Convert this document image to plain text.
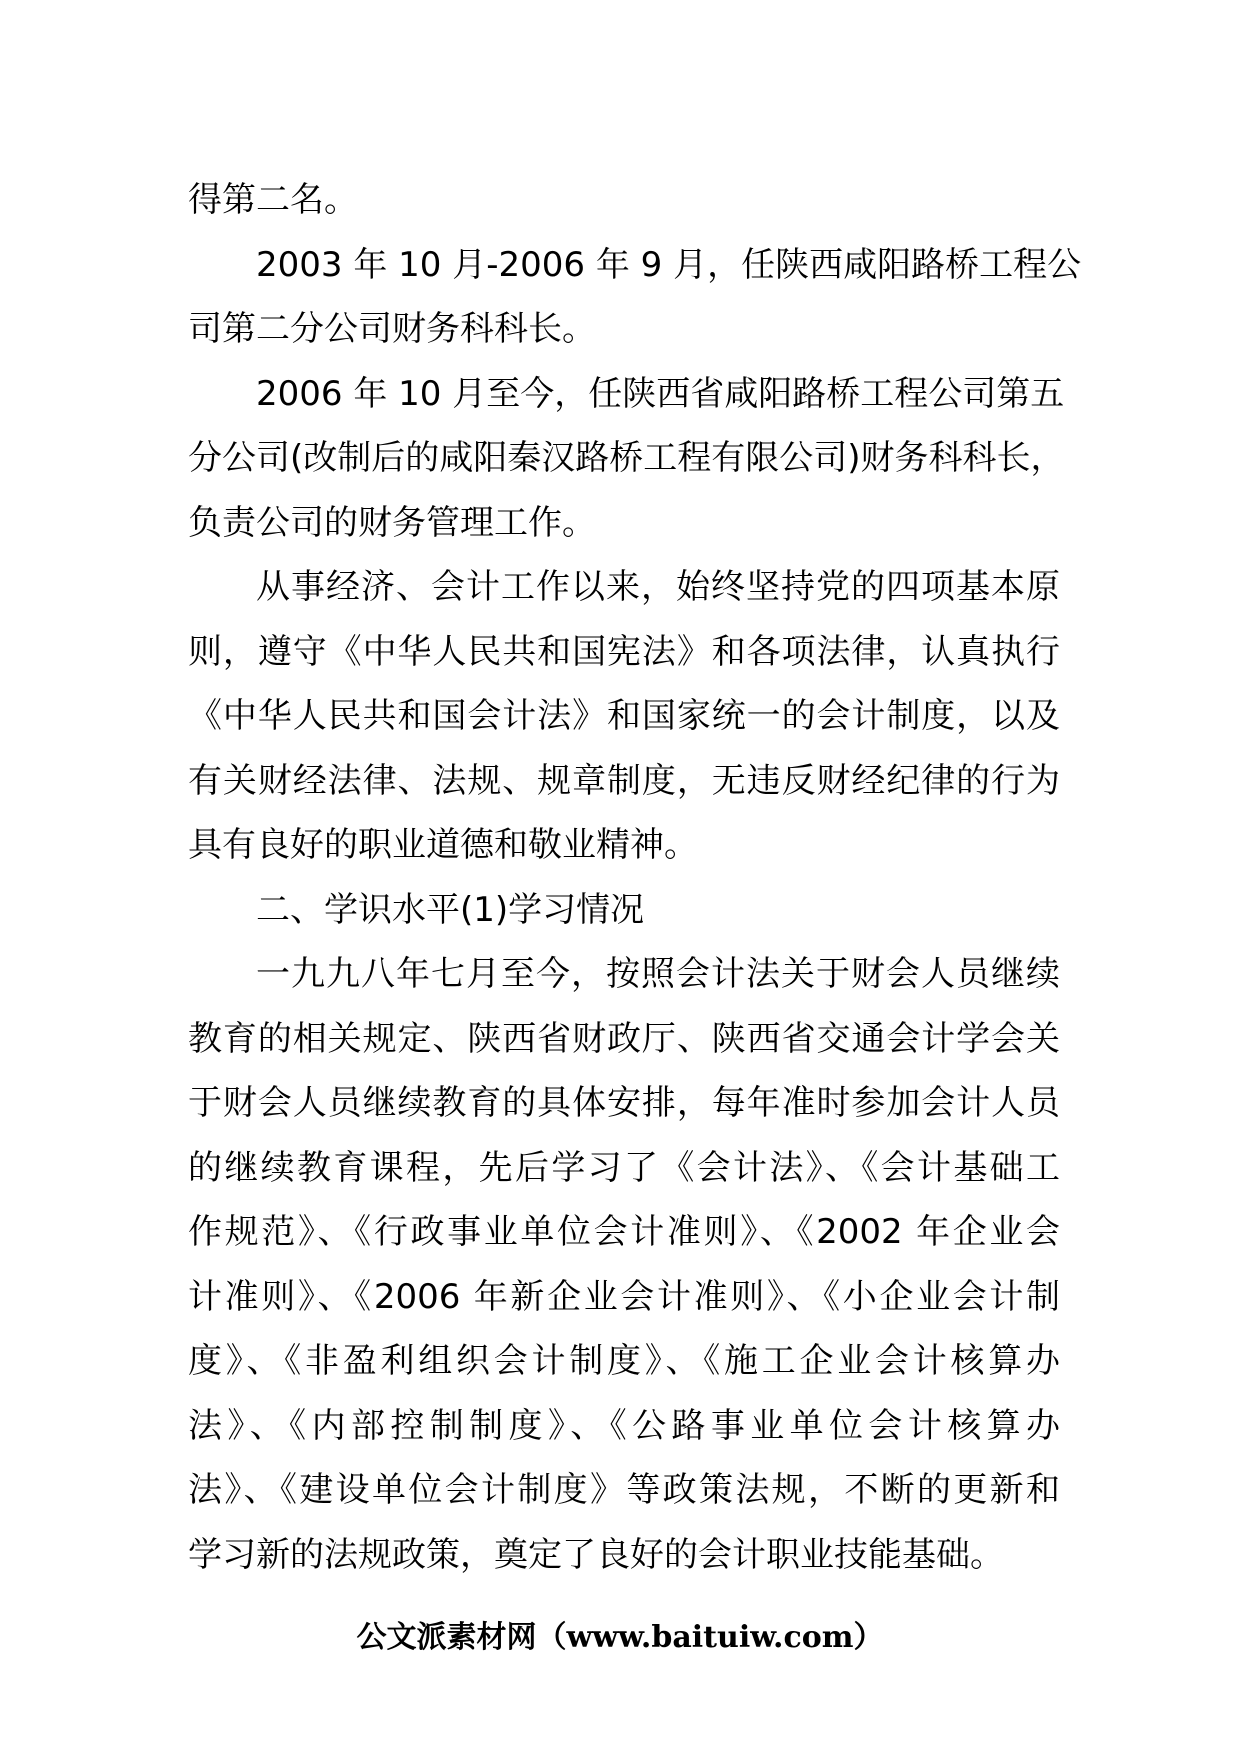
得第二名。
2003 年 10 月-2006 年 9 月，任陕西咸阳路桥工程公
司第二分公司财务科科长。
2006 年 10 月至今，任陕西省咸阳路桥工程公司第五
分公司(改制后的咸阳秦汉路桥工程有限公司)财务科科长，
负责公司的财务管理工作。
从事经济、会计工作以来，始终坚持党的四项基本原
则，遵守《中华人民共和国宪法》和各项法律，认真执行
《中华人民共和国会计法》和国家统一的会计制度，以及
有关财经法律、法规、规章制度，无违反财经纪律的行为
具有良好的职业道德和敬业精神。
二、学识水平(1)学习情况
一九九八年七月至今，按照会计法关于财会人员继续
教育的相关规定、陕西省财政厅、陕西省交通会计学会关
于财会人员继续教育的具体安排，每年准时参加会计人员
的继续教育课程，先后学习了《会计法》、《会计基础工
作规范》、《行政事业单位会计准则》、《2002 年企业会
计准则》、《2006 年新企业会计准则》、《小企业会计制
度》、《非盈利组织会计制度》、《施工企业会计核算办
法》、《内部控制制度》、《公路事业单位会计核算办
法》、《建设单位会计制度》等政策法规，不断的更新和
学习新的法规政策，奠定了良好的会计职业技能基础。
公文派素材网（www.baituiw.com）
